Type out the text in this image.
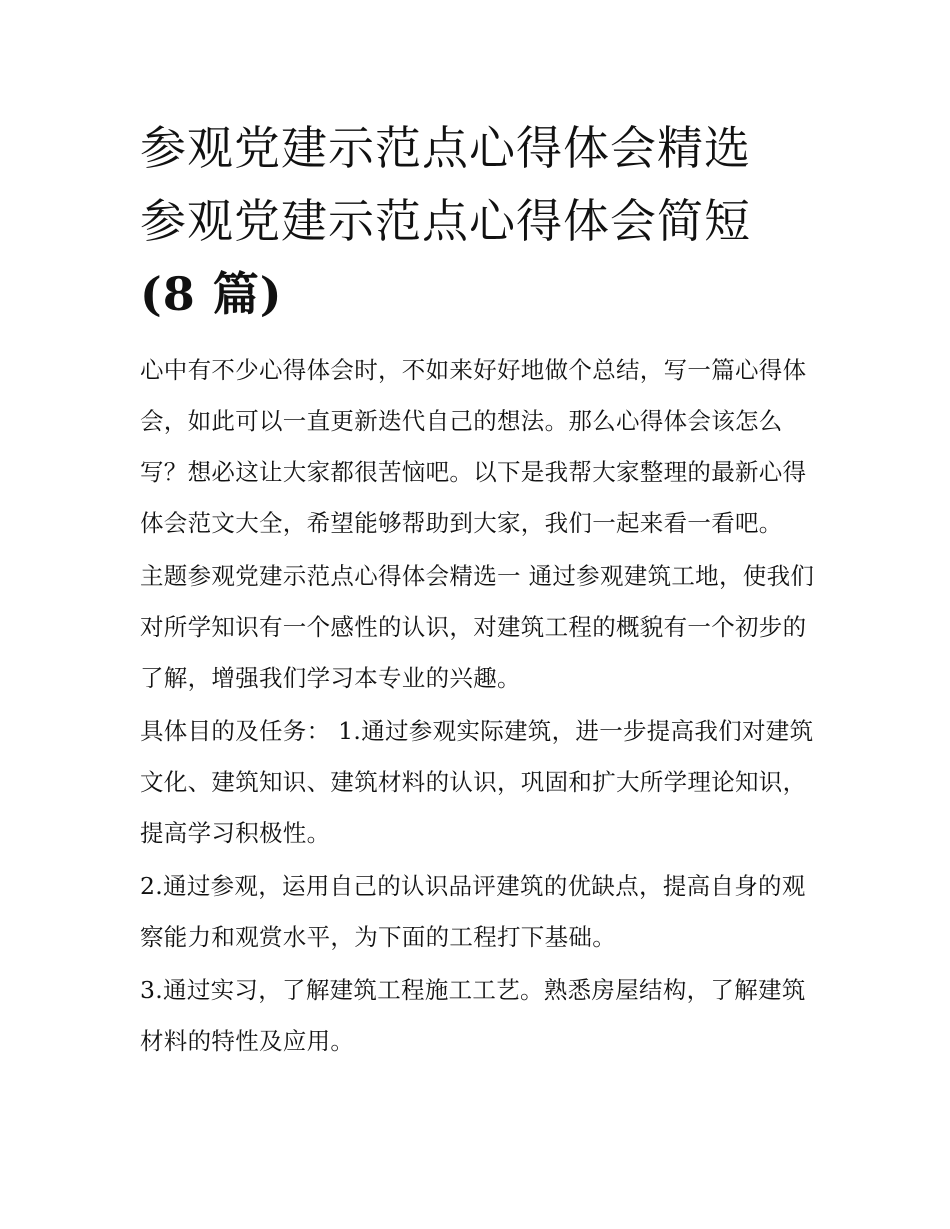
参观党建示范点心得体会精选
参观党建示范点心得体会简短
(8 篇)

心中有不少心得体会时，不如来好好地做个总结，写一篇心得体会，如此可以一直更新迭代自己的想法。那么心得体会该怎么写？想必这让大家都很苦恼吧。以下是我帮大家整理的最新心得体会范文大全，希望能够帮助到大家，我们一起来看一看吧。

主题参观党建示范点心得体会精选一 通过参观建筑工地，使我们对所学知识有一个感性的认识，对建筑工程的概貌有一个初步的了解，增强我们学习本专业的兴趣。

具体目的及任务： 1.通过参观实际建筑，进一步提高我们对建筑文化、建筑知识、建筑材料的认识，巩固和扩大所学理论知识，提高学习积极性。

2.通过参观，运用自己的认识品评建筑的优缺点，提高自身的观察能力和观赏水平，为下面的工程打下基础。

3.通过实习，了解建筑工程施工工艺。熟悉房屋结构，了解建筑材料的特性及应用。
